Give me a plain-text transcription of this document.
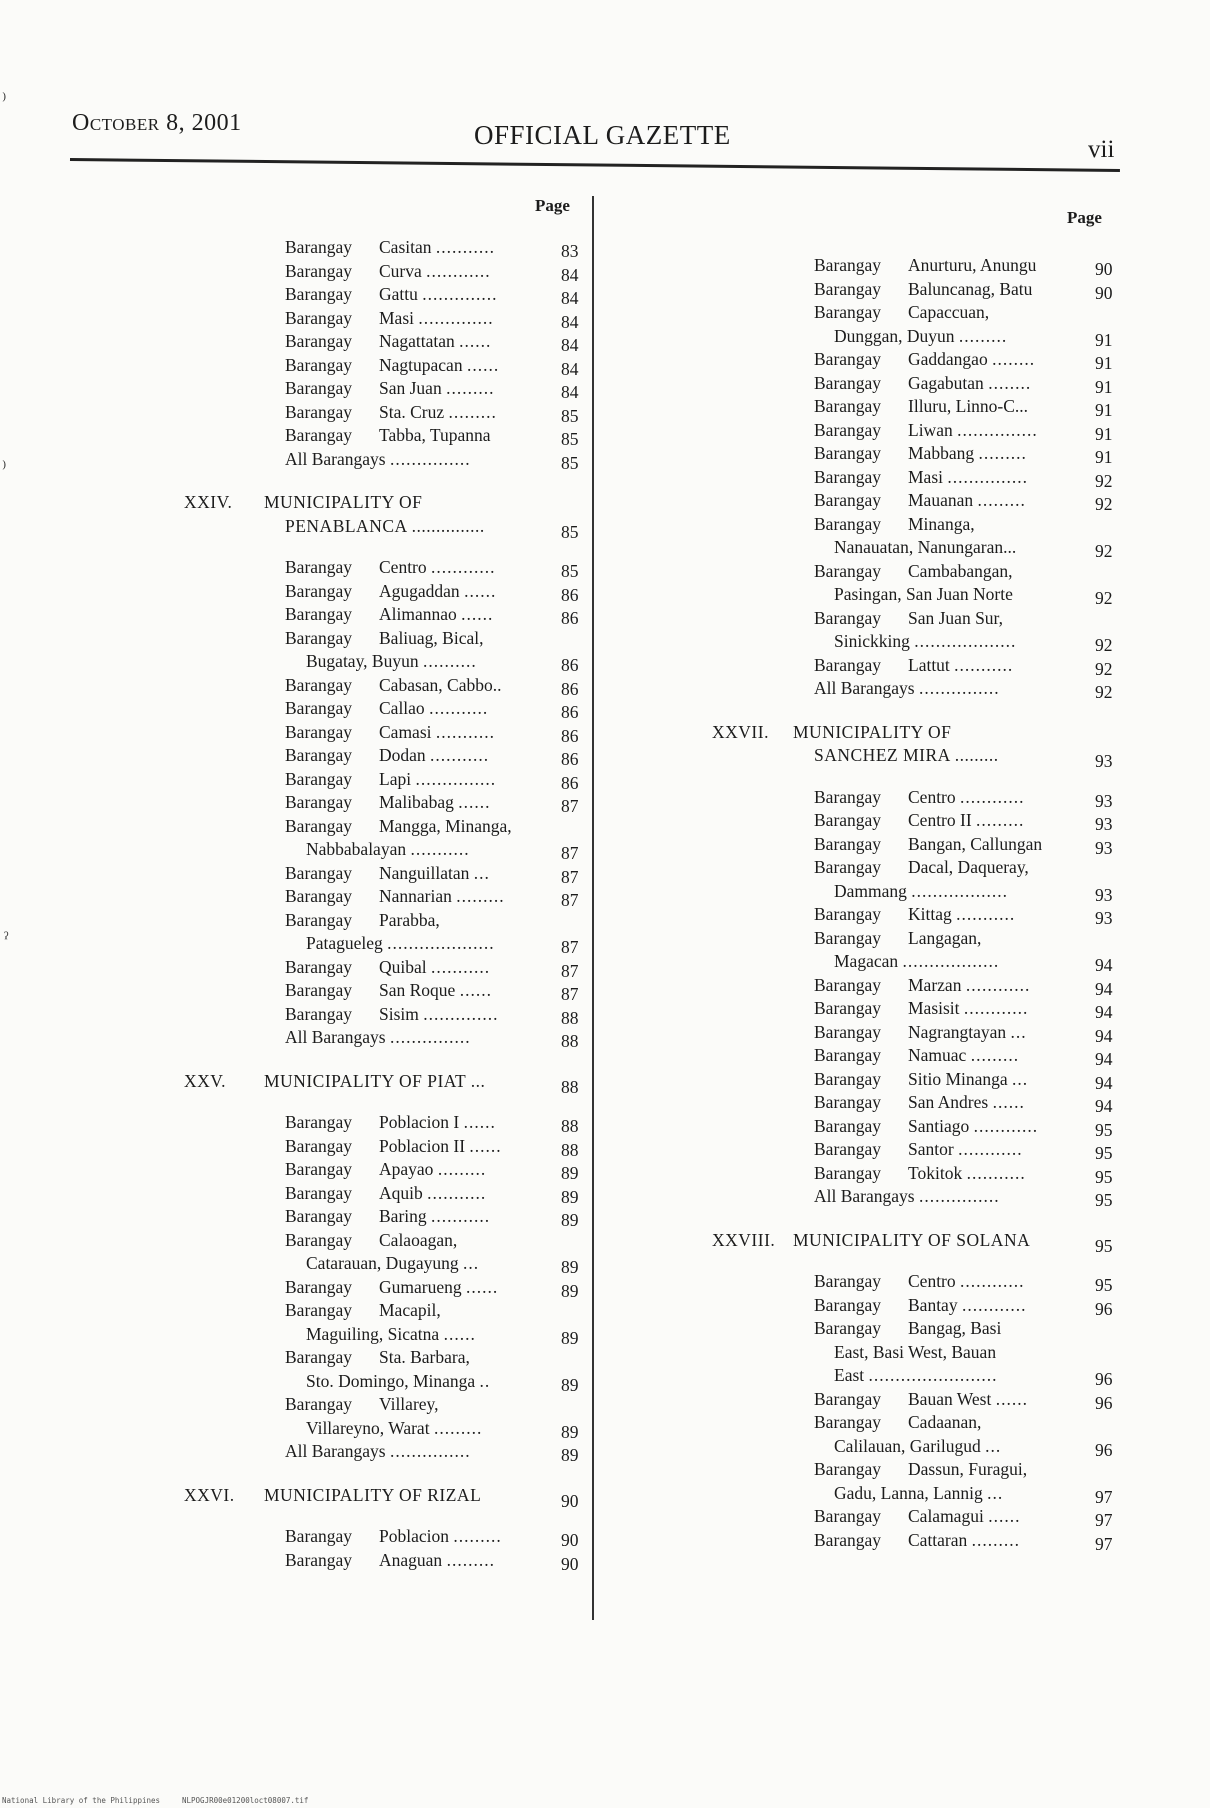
October 8, 2001	OFFICIAL GAZETTE	vii
Page
Page
Barangay Casitan ...........	83
Barangay Curva ............	84
Barangay Gattu ..............	84
Barangay Masi ..............	84
Barangay Nagattatan ......	84
Barangay Nagtupacan ......	84
Barangay San Juan .........	84
Barangay Sta. Cruz .........	85
Barangay Tabba, Tupanna	85
All Barangays ...............	85
XXIV. MUNICIPALITY OF
PENABLANCA ...............	85
Barangay Centro ............	85
Barangay Agugaddan ......	86
Barangay Alimannao ......	86
Barangay Baliuag, Bical,
Bugatay, Buyun ..........	86
Barangay Cabasan, Cabbo..	86
Barangay Callao ...........	86
Barangay Camasi ...........	86
Barangay Dodan ...........	86
Barangay Lapi ...............	86
Barangay Malibabag ......	87
Barangay Mangga, Minanga,
Nabbabalayan ...........	87
Barangay Nanguillatan ...	87
Barangay Nannarian .........	87
Barangay Parabba,
Patagueleg ....................	87
Barangay Quibal ...........	87
Barangay San Roque ......	87
Barangay Sisim ..............	88
All Barangays ...............	88
XXV. MUNICIPALITY OF PIAT ...	88
Barangay Poblacion I ......	88
Barangay Poblacion II ......	88
Barangay Apayao .........	89
Barangay Aquib ...........	89
Barangay Baring ...........	89
Barangay Calaoagan,
Catarauan, Dugayung ...	89
Barangay Gumarueng ......	89
Barangay Macapil,
Maguiling, Sicatna ......	89
Barangay Sta. Barbara,
Sto. Domingo, Minanga ..	89
Barangay Villarey,
Villareyno, Warat .........	89
All Barangays ...............	89
XXVI. MUNICIPALITY OF RIZAL	90
Barangay Poblacion .........	90
Barangay Anaguan .........	90
Barangay Anurturu, Anungu	90
Barangay Baluncanag, Batu	90
Barangay Capaccuan,
Dunggan, Duyun .........	91
Barangay Gaddangao ........	91
Barangay Gagabutan ........	91
Barangay Illuru, Linno-C...	91
Barangay Liwan ...............	91
Barangay Mabbang .........	91
Barangay Masi ...............	92
Barangay Mauanan .........	92
Barangay Minanga,
Nanauatan, Nanungaran...	92
Barangay Cambabangan,
Pasingan, San Juan Norte	92
Barangay San Juan Sur,
Sinickking ...................	92
Barangay Lattut ...........	92
All Barangays ...............	92
XXVII. MUNICIPALITY OF
SANCHEZ MIRA .........	93
Barangay Centro ............	93
Barangay Centro II .........	93
Barangay Bangan, Callungan	93
Barangay Dacal, Daqueray,
Dammang ..................	93
Barangay Kittag ...........	93
Barangay Langagan,
Magacan ..................	94
Barangay Marzan ............	94
Barangay Masisit ............	94
Barangay Nagrangtayan ...	94
Barangay Namuac .........	94
Barangay Sitio Minanga ...	94
Barangay San Andres ......	94
Barangay Santiago ............	95
Barangay Santor ............	95
Barangay Tokitok ...........	95
All Barangays ...............	95
XXVIII. MUNICIPALITY OF SOLANA	95
Barangay Centro ............	95
Barangay Bantay ............	96
Barangay Bangag, Basi
East, Basi West, Bauan
East ........................	96
Barangay Bauan West ......	96
Barangay Cadaanan,
Calilauan, Garilugud ...	96
Barangay Dassun, Furagui,
Gadu, Lanna, Lannig ...	97
Barangay Calamagui ......	97
Barangay Cattaran .........	97
⁾
⁾
ˀ
National Library of the Philippines	NLPOGJR00e01200loct08007.tif
